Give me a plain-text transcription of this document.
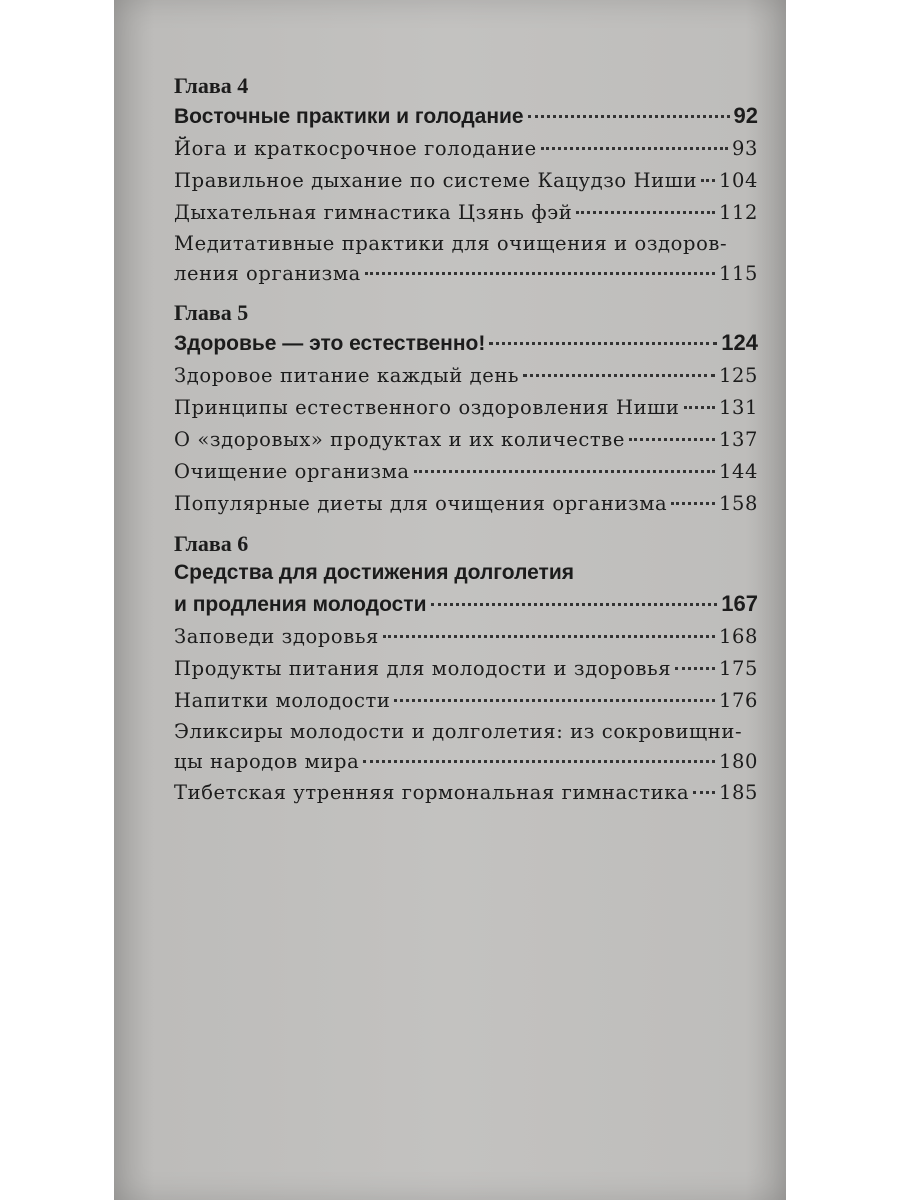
Глава 4
Восточные практики и голодание	92
Йога и краткосрочное голодание	93
Правильное дыхание по системе Кацудзо Ниши 104
Дыхательная гимнастика Цзянь фэй	112
Медитативные практики для очищения и оздоров-
ления организма	115
Глава 5
Здоровье — это естественно!	124
Здоровое питание каждый день	125
Принципы естественного оздоровления Ниши 131
О «здоровых» продуктах и их количестве	137
Очищение организма	144
Популярные диеты для очищения организма	158
Глава 6
Средства для достижения долголетия
и продления молодости	167
Заповеди здоровья	168
Продукты питания для молодости и здоровья 175
Напитки молодости	176
Эликсиры молодости и долголетия: из сокровищни-
цы народов мира	180
Тибетская утренняя гормональная гимнастика 185
